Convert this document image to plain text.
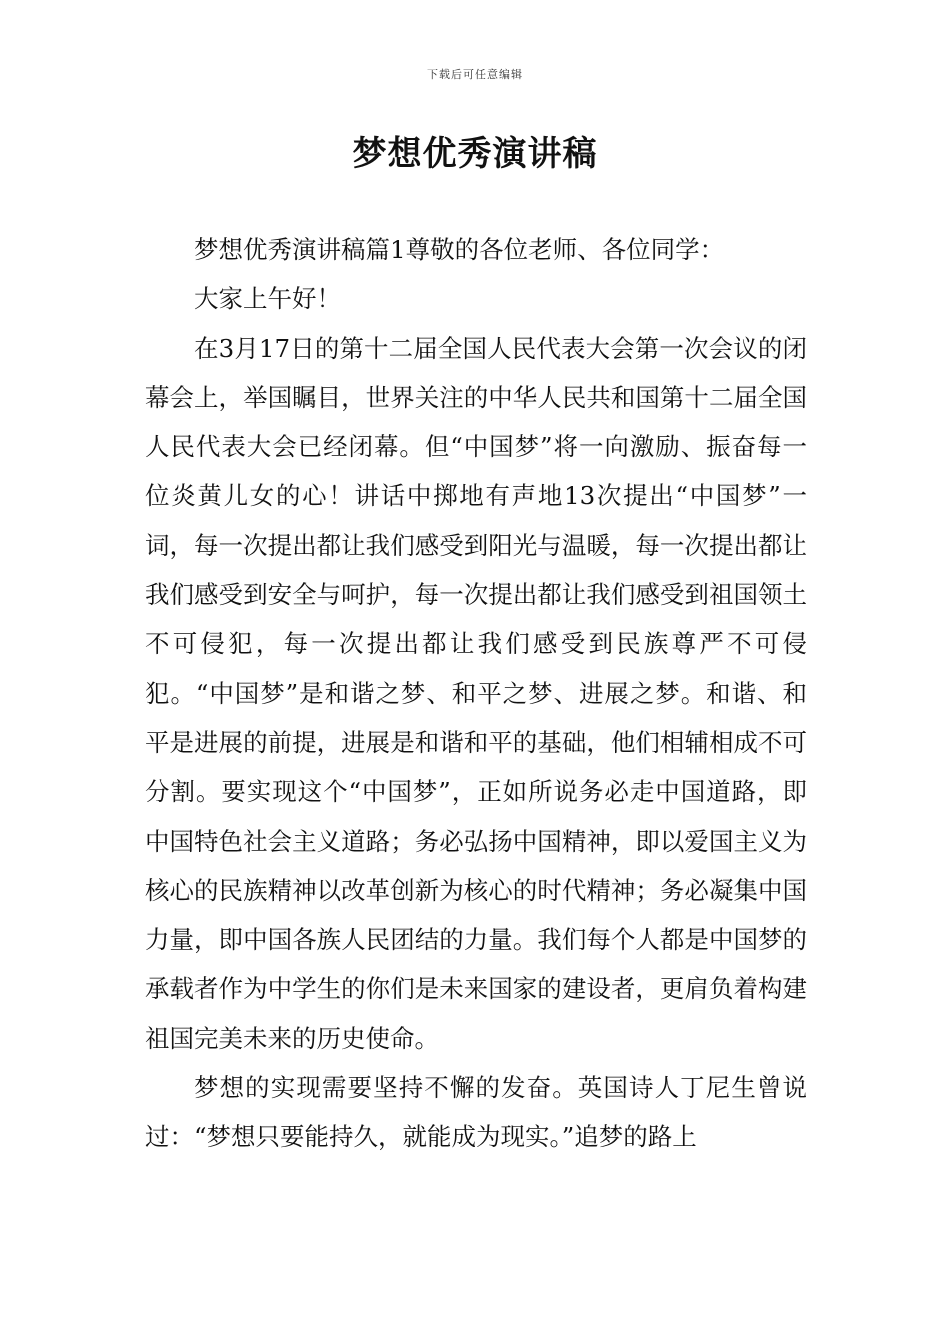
下载后可任意编辑
梦想优秀演讲稿

梦想优秀演讲稿篇1尊敬的各位老师、各位同学：

大家上午好！

在3月17日的第十二届全国人民代表大会第一次会议的闭幕会上，举国瞩目，世界关注的中华人民共和国第十二届全国人民代表大会已经闭幕。但“中国梦”将一向激励、振奋每一位炎黄儿女的心！讲话中掷地有声地13次提出“中国梦”一词，每一次提出都让我们感受到阳光与温暖，每一次提出都让我们感受到安全与呵护，每一次提出都让我们感受到祖国领土不可侵犯，每一次提出都让我们感受到民族尊严不可侵犯。“中国梦”是和谐之梦、和平之梦、进展之梦。和谐、和平是进展的前提，进展是和谐和平的基础，他们相辅相成不可分割。要实现这个“中国梦”，正如所说务必走中国道路，即中国特色社会主义道路；务必弘扬中国精神，即以爱国主义为核心的民族精神以改革创新为核心的时代精神；务必凝集中国力量，即中国各族人民团结的力量。我们每个人都是中国梦的承载者作为中学生的你们是未来国家的建设者，更肩负着构建祖国完美未来的历史使命。

梦想的实现需要坚持不懈的发奋。英国诗人丁尼生曾说过：“梦想只要能持久，就能成为现实。”追梦的路上
